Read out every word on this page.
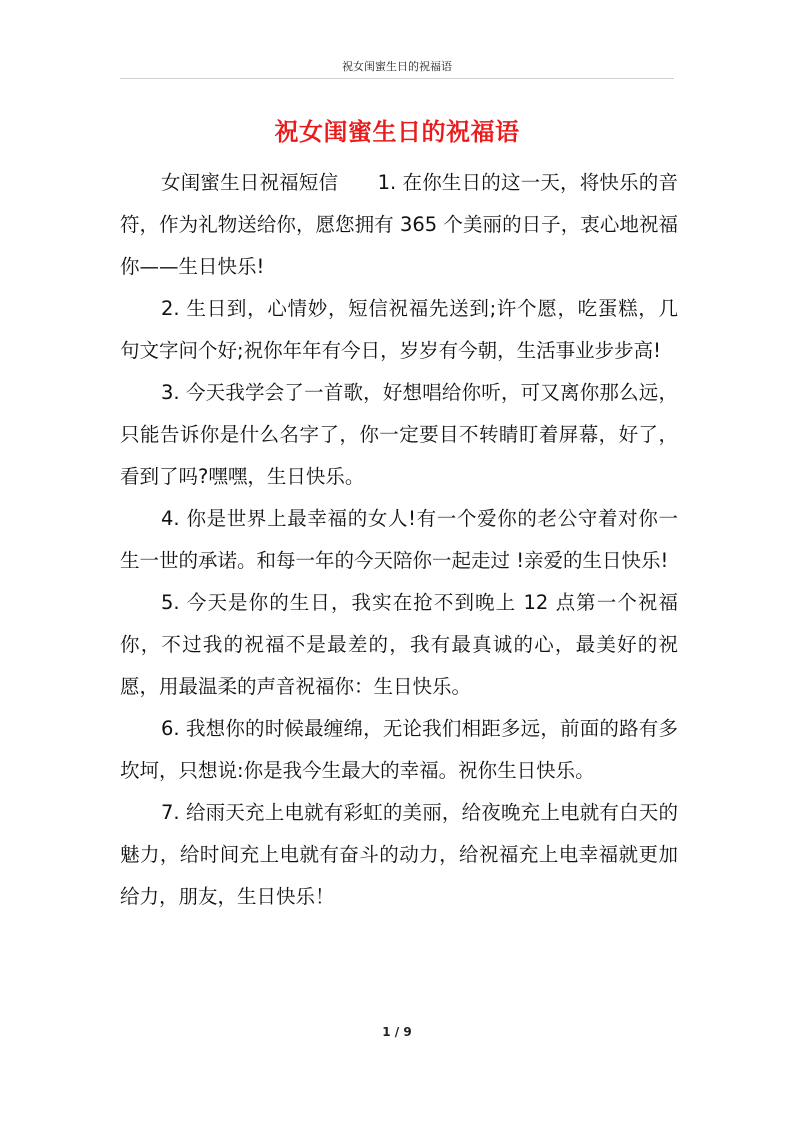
祝女闺蜜生日的祝福语
祝女闺蜜生日的祝福语

女闺蜜生日祝福短信　　1. 在你生日的这一天，将快乐的音符，作为礼物送给你，愿您拥有 365 个美丽的日子，衷心地祝福你——生日快乐!

2. 生日到，心情妙，短信祝福先送到;许个愿，吃蛋糕，几句文字问个好;祝你年年有今日，岁岁有今朝，生活事业步步高!

3. 今天我学会了一首歌，好想唱给你听，可又离你那么远，只能告诉你是什么名字了，你一定要目不转睛盯着屏幕，好了，看到了吗?嘿嘿，生日快乐。

4. 你是世界上最幸福的女人!有一个爱你的老公守着对你一生一世的承诺。和每一年的今天陪你一起走过 !亲爱的生日快乐!

5. 今天是你的生日，我实在抢不到晚上 12 点第一个祝福你，不过我的祝福不是最差的，我有最真诚的心，最美好的祝愿，用最温柔的声音祝福你：生日快乐。

6. 我想你的时候最缠绵，无论我们相距多远，前面的路有多坎坷，只想说:你是我今生最大的幸福。祝你生日快乐。

7. 给雨天充上电就有彩虹的美丽，给夜晚充上电就有白天的魅力，给时间充上电就有奋斗的动力，给祝福充上电幸福就更加给力，朋友，生日快乐！

1 / 9
